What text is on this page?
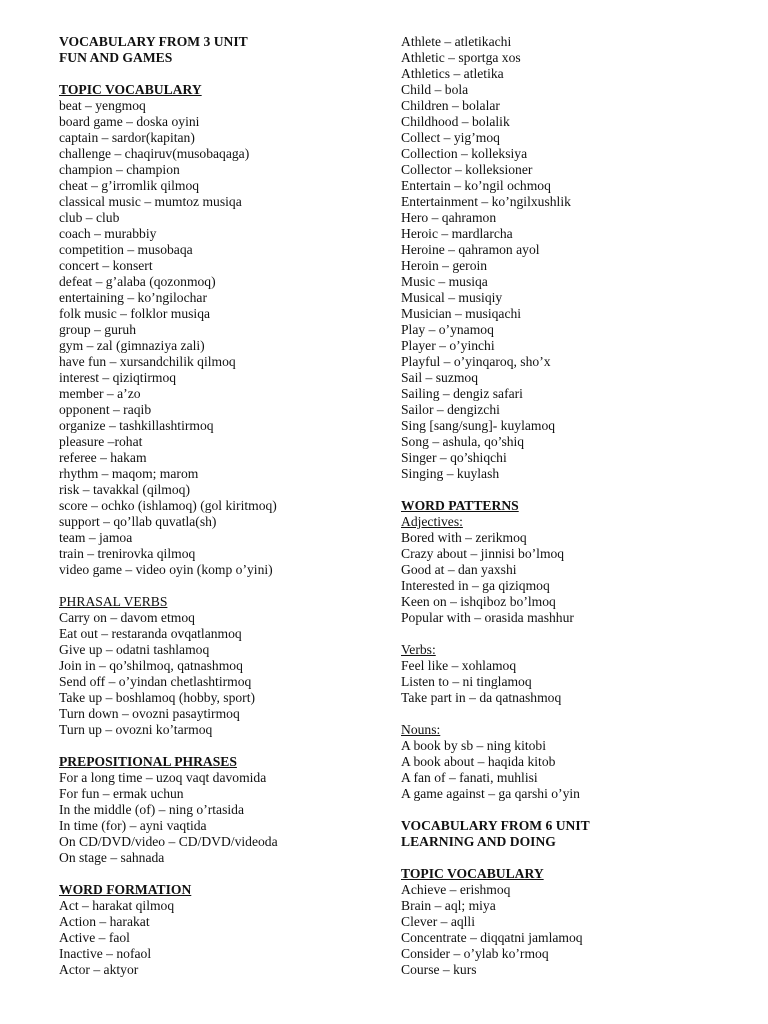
VOCABULARY FROM 3 UNIT
FUN AND GAMES
TOPIC VOCABULARY
beat – yengmoq
board game – doska oyini
captain – sardor(kapitan)
challenge – chaqiruv(musobaqaga)
champion – champion
cheat – g’irromlik qilmoq
classical music – mumtoz musiqa
club – club
coach – murabbiy
competition – musobaqa
concert – konsert
defeat – g’alaba (qozonmoq)
entertaining – ko’ngilochar
folk music – folklor musiqa
group – guruh
gym – zal (gimnaziya zali)
have fun – xursandchilik qilmoq
interest – qiziqtirmoq
member – a’zo
opponent – raqib
organize – tashkillashtirmoq
pleasure –rohat
referee – hakam
rhythm – maqom; marom
risk – tavakkal (qilmoq)
score – ochko (ishlamoq) (gol kiritmoq)
support – qo’llab quvatla(sh)
team – jamoa
train – trenirovka qilmoq
video game – video oyin (komp o’yini)
PHRASAL VERBS
Carry on – davom etmoq
Eat out – restaranda ovqatlanmoq
Give up – odatni tashlamoq
Join in – qo’shilmoq, qatnashmoq
Send off – o’yindan chetlashtirmoq
Take up – boshlamoq (hobby, sport)
Turn down – ovozni pasaytirmoq
Turn up – ovozni ko’tarmoq
PREPOSITIONAL PHRASES
For a long time – uzoq vaqt davomida
For fun – ermak uchun
In the middle (of) – ning o’rtasida
In time (for) – ayni vaqtida
On CD/DVD/video – CD/DVD/videoda
On stage – sahnada
WORD FORMATION
Act – harakat qilmoq
Action – harakat
Active – faol
Inactive – nofaol
Actor – aktyor
Athlete – atletikachi
Athletic – sportga xos
Athletics – atletika
Child – bola
Children – bolalar
Childhood – bolalik
Collect – yig’moq
Collection – kolleksiya
Collector – kolleksioner
Entertain – ko’ngil ochmoq
Entertainment – ko’ngilxushlik
Hero – qahramon
Heroic – mardlarcha
Heroine – qahramon ayol
Heroin – geroin
Music – musiqa
Musical – musiqiy
Musician – musiqachi
Play – o’ynamoq
Player – o’yinchi
Playful – o’yinqaroq, sho’x
Sail – suzmoq
Sailing – dengiz safari
Sailor – dengizchi
Sing [sang/sung]- kuylamoq
Song – ashula, qo’shiq
Singer – qo’shiqchi
Singing – kuylash
WORD PATTERNS
Adjectives:
Bored with – zerikmoq
Crazy about – jinnisi bo’lmoq
Good at – dan yaxshi
Interested in – ga qiziqmoq
Keen on – ishqiboz bo’lmoq
Popular with – orasida mashhur
Verbs:
Feel like – xohlamoq
Listen to – ni tinglamoq
Take part in – da qatnashmoq
Nouns:
A book by sb – ning kitobi
A book about – haqida kitob
A fan of – fanati, muhlisi
A game against – ga qarshi o’yin
VOCABULARY FROM 6 UNIT
LEARNING AND DOING
TOPIC VOCABULARY
Achieve – erishmoq
Brain – aql; miya
Clever – aqlli
Concentrate – diqqatni jamlamoq
Consider – o’ylab ko’rmoq
Course – kurs
